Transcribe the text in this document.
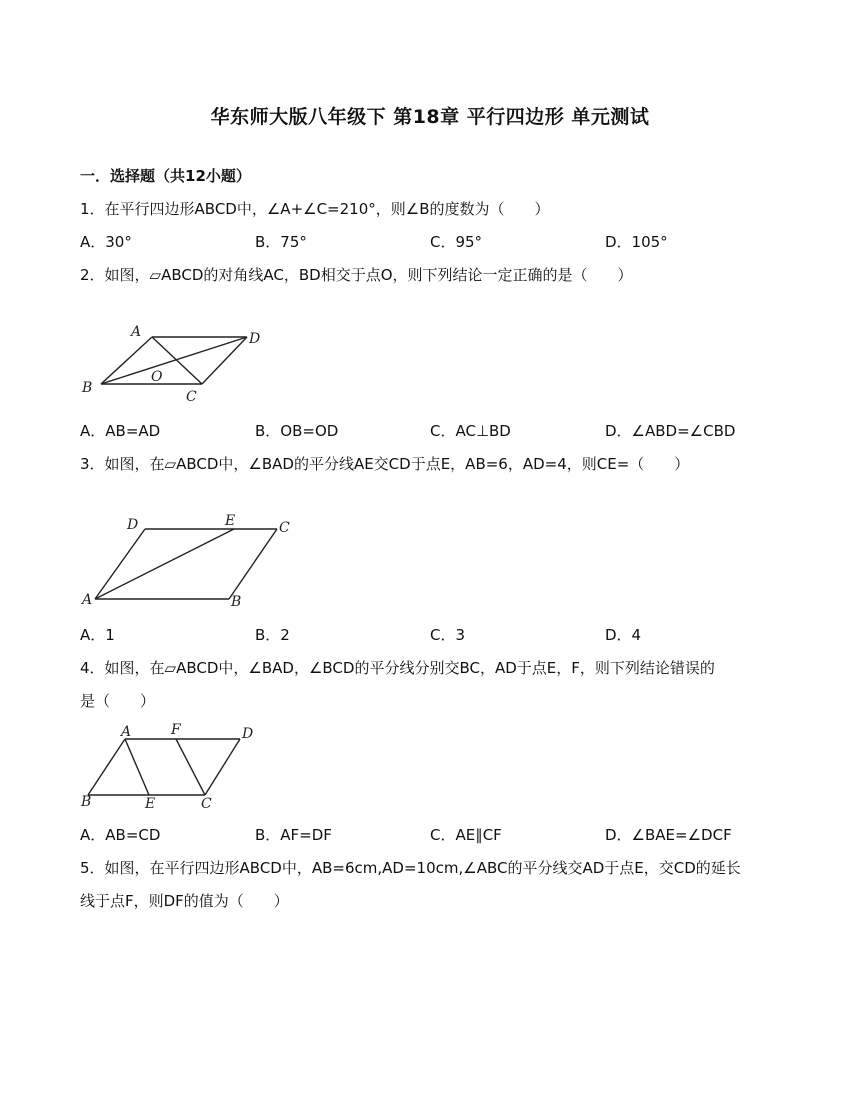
华东师大版八年级下 第18章 平行四边形 单元测试
一．选择题（共12小题）
1．在平行四边形ABCD中，∠A+∠C=210°，则∠B的度数为（　　）
A．30°	B．75°	C．95°	D．105°
2．如图，▱ABCD的对角线AC，BD相交于点O，则下列结论一定正确的是（　　）
A	D
B
C
O
A．AB=AD	B．OB=OD	C．AC⊥BD	D．∠ABD=∠CBD
3．如图，在▱ABCD中，∠BAD的平分线AE交CD于点E，AB=6，AD=4，则CE=（　　）
D	E	C
A	B
A．1	B．2	C．3	D．4
4．如图，在▱ABCD中，∠BAD，∠BCD的平分线分别交BC，AD于点E，F，则下列结论错误的
是（　　）
A	F	D
B	E	C
A．AB=CD	B．AF=DF	C．AE∥CF	D．∠BAE=∠DCF
5．如图，在平行四边形ABCD中，AB=6cm,AD=10cm,∠ABC的平分线交AD于点E，交CD的延长
线于点F，则DF的值为（　　）
